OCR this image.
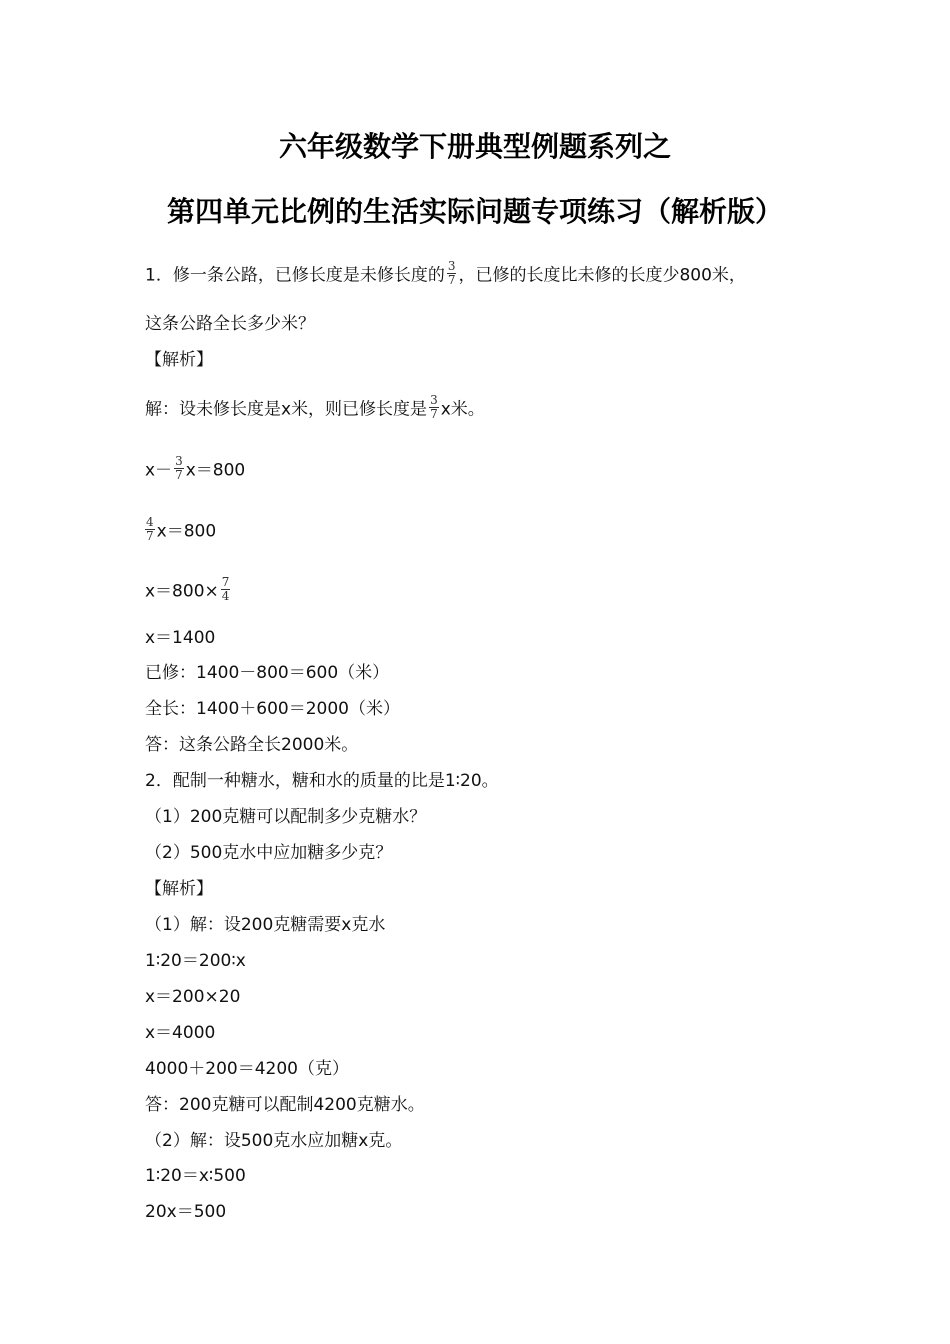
六年级数学下册典型例题系列之
第四单元比例的生活实际问题专项练习（解析版）
1．修一条公路，已修长度是未修长度的 $\frac{3}{7}$ ，已修的长度比未修的长度少800米，
这条公路全长多少米？
【解析】
解：设未修长度是x米，则已修长度是 $\frac{3}{7}$ x米。
$x- \frac{3}{7} x=800$
$\frac{4}{7} x=800$
$x=800\times \frac{7}{4}$
x＝1400
已修：1400－800＝600（米）
全长：1400＋600＝2000（米）
答：这条公路全长2000米。
2．配制一种糖水，糖和水的质量的比是1∶20。
（1）200克糖可以配制多少克糖水？
（2）500克水中应加糖多少克？
【解析】
（1）解：设200克糖需要x克水
1∶20＝200∶x
x＝200×20
x＝4000
4000＋200＝4200（克）
答：200克糖可以配制4200克糖水。
（2）解：设500克水应加糖x克。
1∶20＝x∶500
20x＝500
